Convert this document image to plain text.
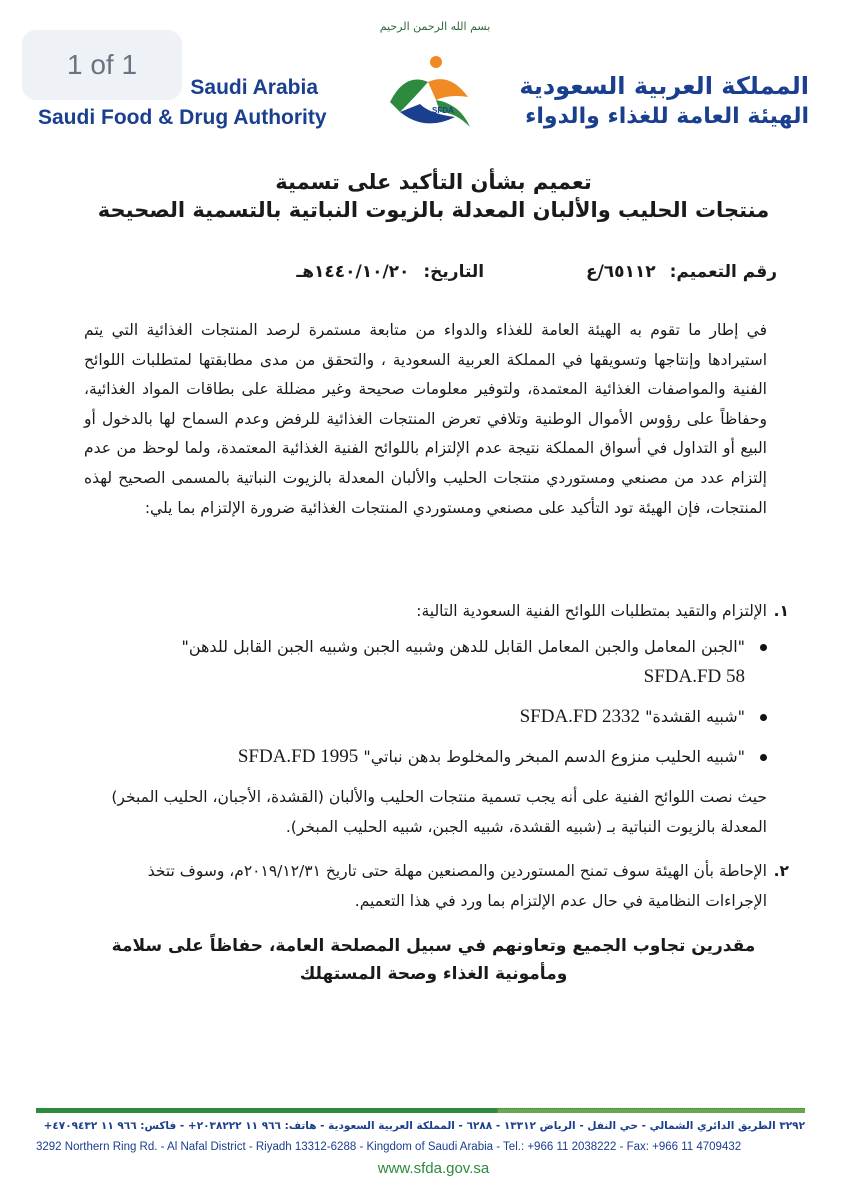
1 of 1
Saudi Arabia
Saudi Food & Drug Authority
بسم الله الرحمن الرحيم
SFDA
المملكة العربية السعودية
الهيئة العامة للغذاء والدواء
تعميم بشأن التأكيد على تسمية
منتجات الحليب والألبان المعدلة بالزيوت النباتية بالتسمية الصحيحة
رقم التعميم: ٦٥١١٢/ع  التاريخ: ١٤٤٠/١٠/٢٠هـ
في إطار ما تقوم به الهيئة العامة للغذاء والدواء من متابعة مستمرة لرصد المنتجات الغذائية التي يتم استيرادها وإنتاجها وتسويقها في المملكة العربية السعودية ، والتحقق من مدى مطابقتها لمتطلبات اللوائح الفنية والمواصفات الغذائية المعتمدة، ولتوفير معلومات صحيحة وغير مضللة على بطاقات المواد الغذائية، وحفاظاً على رؤوس الأموال الوطنية وتلافي تعرض المنتجات الغذائية للرفض وعدم السماح لها بالدخول أو البيع أو التداول في أسواق المملكة نتيجة عدم الإلتزام باللوائح الفنية الغذائية المعتمدة، ولما لوحظ من عدم إلتزام عدد من مصنعي ومستوردي منتجات الحليب والألبان المعدلة بالزيوت النباتية بالمسمى الصحيح لهذه المنتجات، فإن الهيئة تود التأكيد على مصنعي ومستوردي المنتجات الغذائية ضرورة الإلتزام بما يلي:
١.
الإلتزام والتقيد بمتطلبات اللوائح الفنية السعودية التالية:
"الجبن المعامل والجبن المعامل القابل للدهن وشبيه الجبن وشبيه الجبن القابل للدهن" SFDA.FD 58
"شبيه القشدة" SFDA.FD 2332
"شبيه الحليب منزوع الدسم المبخر والمخلوط بدهن نباتي" SFDA.FD 1995
حيث نصت اللوائح الفنية على أنه يجب تسمية منتجات الحليب والألبان (القشدة، الأجبان، الحليب المبخر) المعدلة بالزيوت النباتية بـ (شبيه القشدة، شبيه الجبن، شبيه الحليب المبخر).
٢.
الإحاطة بأن الهيئة سوف تمنح المستوردين والمصنعين مهلة حتى تاريخ ٢٠١٩/١٢/٣١م، وسوف تتخذ الإجراءات النظامية في حال عدم الإلتزام بما ورد في هذا التعميم.
مقدرين تجاوب الجميع وتعاونهم في سبيل المصلحة العامة، حفاظاً على سلامة ومأمونية الغذاء وصحة المستهلك
٣٢٩٢ الطريق الدائري الشمالي - حي النفل - الرياض ١٣٣١٢ - ٦٢٨٨ - المملكة العربية السعودية - هاتف: ٩٦٦ ١١ ٢٠٣٨٢٢٢+ - فاكس: ٩٦٦ ١١ ٤٧٠٩٤٣٢+
3292 Northern Ring Rd. - Al Nafal District - Riyadh 13312-6288 - Kingdom of Saudi Arabia - Tel.: +966 11 2038222 - Fax: +966 11 4709432
www.sfda.gov.sa
